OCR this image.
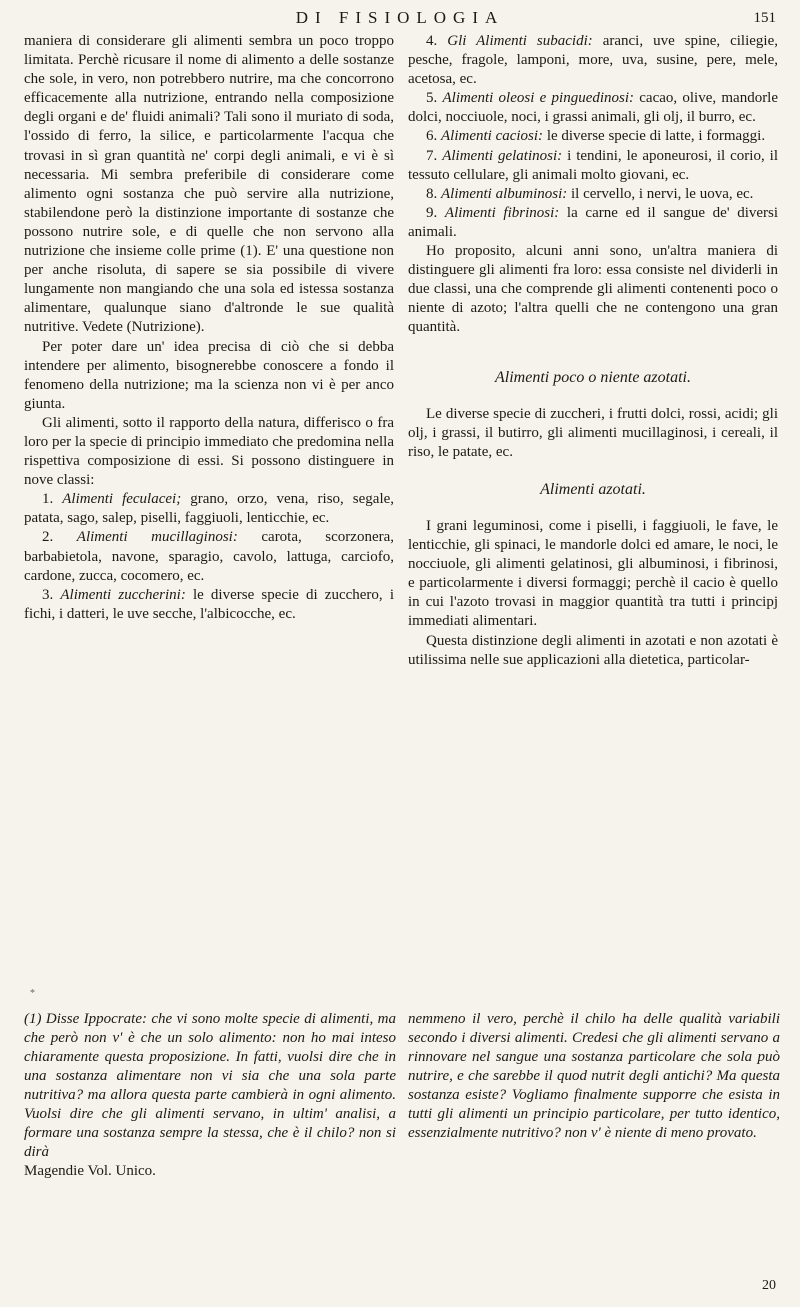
DI FISIOLOGIA	151

maniera di considerare gli alimenti sembra un poco troppo limitata. Perchè ricusare il nome di alimento a delle sostanze che sole, in vero, non potrebbero nutrire, ma che concorrono efficacemente alla nutrizione, entrando nella composizione degli organi e de' fluidi animali? Tali sono il muriato di soda, l'ossido di ferro, la silice, e particolarmente l'acqua che trovasi in sì gran quantità ne' corpi degli animali, e vi è sì necessaria. Mi sembra preferibile di considerare come alimento ogni sostanza che può servire alla nutrizione, stabilendone però la distinzione importante di sostanze che possono nutrire sole, e di quelle che non servono alla nutrizione che insieme colle prime (1). E' una questione non per anche risoluta, di sapere se sia possibile di vivere lungamente non mangiando che una sola ed istessa sostanza alimentare, qualunque siano d'altronde le sue qualità nutritive. Vedete (Nutrizione).

Per poter dare un' idea precisa di ciò che si debba intendere per alimento, bisognerebbe conoscere a fondo il fenomeno della nutrizione; ma la scienza non vi è per anco giunta.

Gli alimenti, sotto il rapporto della natura, differisco o fra loro per la specie di principio immediato che predomina nella rispettiva composizione di essi. Si possono distinguere in nove classi:

1. Alimenti feculacei; grano, orzo, vena, riso, segale, patata, sago, salep, piselli, faggiuoli, lenticchie, ec.

2. Alimenti mucillaginosi: carota, scorzonera, barbabietola, navone, sparagio, cavolo, lattuga, carciofo, cardone, zucca, cocomero, ec.

3. Alimenti zuccherini: le diverse specie di zucchero, i fichi, i datteri, le uve secche, l'albicocche, ec.

4. Gli Alimenti subacidi: aranci, uve spine, ciliegie, pesche, fragole, lamponi, more, uva, susine, pere, mele, acetosa, ec.

5. Alimenti oleosi e pinguedinosi: cacao, olive, mandorle dolci, nocciuole, noci, i grassi animali, gli olj, il burro, ec.

6. Alimenti caciosi: le diverse specie di latte, i formaggi.

7. Alimenti gelatinosi: i tendini, le aponeurosi, il corio, il tessuto cellulare, gli animali molto giovani, ec.

8. Alimenti albuminosi: il cervello, i nervi, le uova, ec.

9. Alimenti fibrinosi: la carne ed il sangue de' diversi animali.

Ho proposito, alcuni anni sono, un'altra maniera di distinguere gli alimenti fra loro: essa consiste nel dividerli in due classi, una che comprende gli alimenti contenenti poco o niente di azoto; l'altra quelli che ne contengono una gran quantità.

Alimenti poco o niente azotati.

Le diverse specie di zuccheri, i frutti dolci, rossi, acidi; gli olj, i grassi, il butirro, gli alimenti mucillaginosi, i cereali, il riso, le patate, ec.

Alimenti azotati.

I grani leguminosi, come i piselli, i faggiuoli, le fave, le lenticchie, gli spinaci, le mandorle dolci ed amare, le noci, le nocciuole, gli alimenti gelatinosi, gli albuminosi, i fibrinosi, e particolarmente i diversi formaggi; perchè il cacio è quello in cui l'azoto trovasi in maggior quantità tra tutti i principj immediati alimentari.

Questa distinzione degli alimenti in azotati e non azotati è utilissima nelle sue applicazioni alla dietetica, particolar-

*
(1) Disse Ippocrate: che vi sono molte specie di alimenti, ma che però non v' è che un solo alimento: non ho mai inteso chiaramente questa proposizione. In fatti, vuolsi dire che in una sostanza alimentare non vi sia che una sola parte nutritiva? ma allora questa parte cambierà in ogni alimento. Vuolsi dire che gli alimenti servano, in ultim' analisi, a formare una sostanza sempre la stessa, che è il chilo? non si dirà
Magendie Vol. Unico.
nemmeno il vero, perchè il chilo ha delle qualità variabili secondo i diversi alimenti. Credesi che gli alimenti servano a rinnovare nel sangue una sostanza particolare che sola può nutrire, e che sarebbe il quod nutrit degli antichi? Ma questa sostanza esiste? Vogliamo finalmente supporre che esista in tutti gli alimenti un principio particolare, per tutto identico, essenzialmente nutritivo? non v' è niente di meno provato.
20
